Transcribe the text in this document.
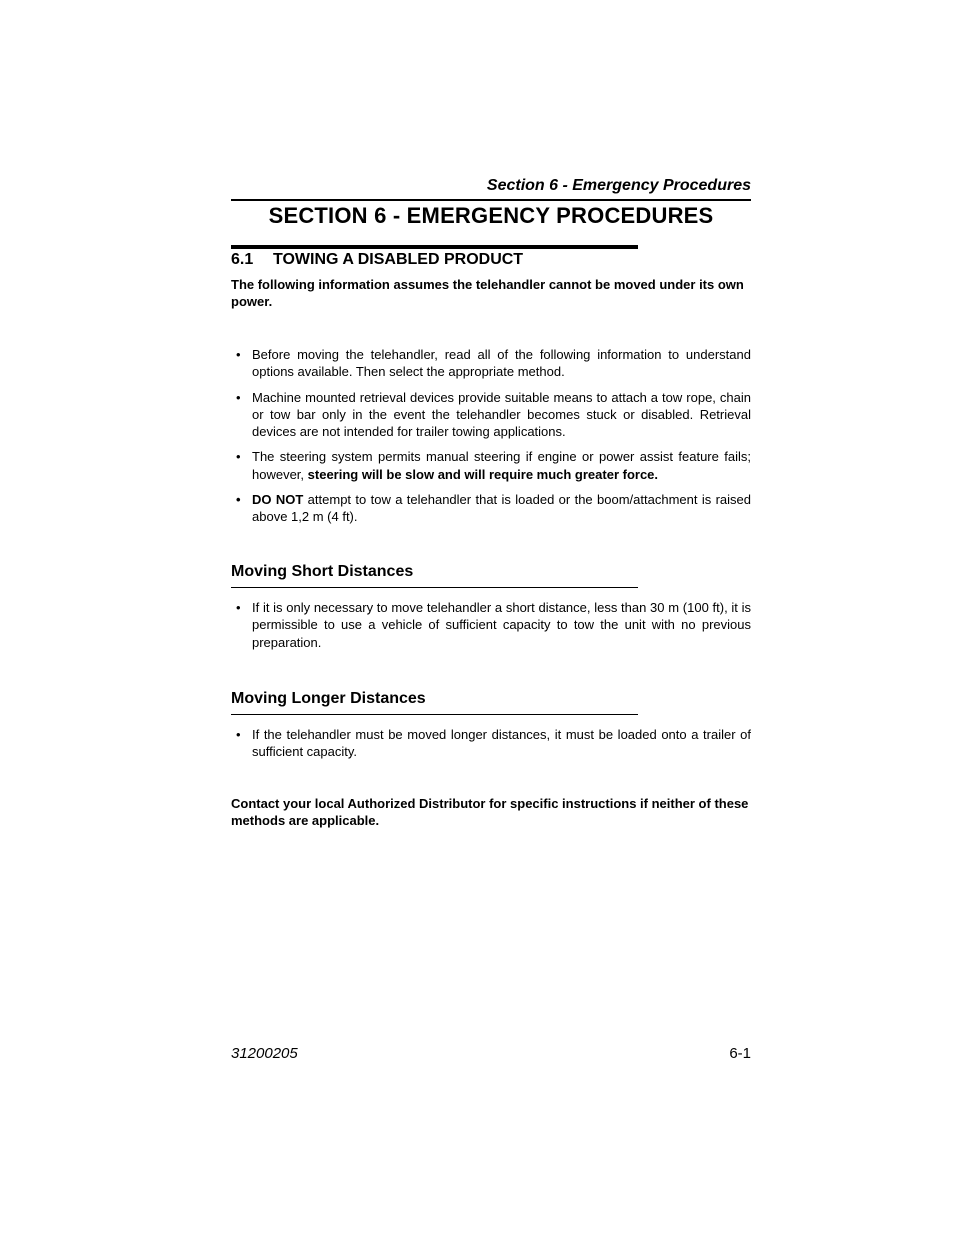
Section 6 - Emergency Procedures
SECTION 6 - EMERGENCY PROCEDURES
6.1 TOWING A DISABLED PRODUCT
The following information assumes the telehandler cannot be moved under its own power.
• Before moving the telehandler, read all of the following information to understand options available. Then select the appropriate method.
• Machine mounted retrieval devices provide suitable means to attach a tow rope, chain or tow bar only in the event the telehandler becomes stuck or disabled. Retrieval devices are not intended for trailer towing applications.
• The steering system permits manual steering if engine or power assist feature fails; however, steering will be slow and will require much greater force.
• DO NOT attempt to tow a telehandler that is loaded or the boom/attachment is raised above 1,2 m (4 ft).
Moving Short Distances
• If it is only necessary to move telehandler a short distance, less than 30 m (100 ft), it is permissible to use a vehicle of sufficient capacity to tow the unit with no previous preparation.
Moving Longer Distances
• If the telehandler must be moved longer distances, it must be loaded onto a trailer of sufficient capacity.
Contact your local Authorized Distributor for specific instructions if neither of these methods are applicable.
31200205	6-1
